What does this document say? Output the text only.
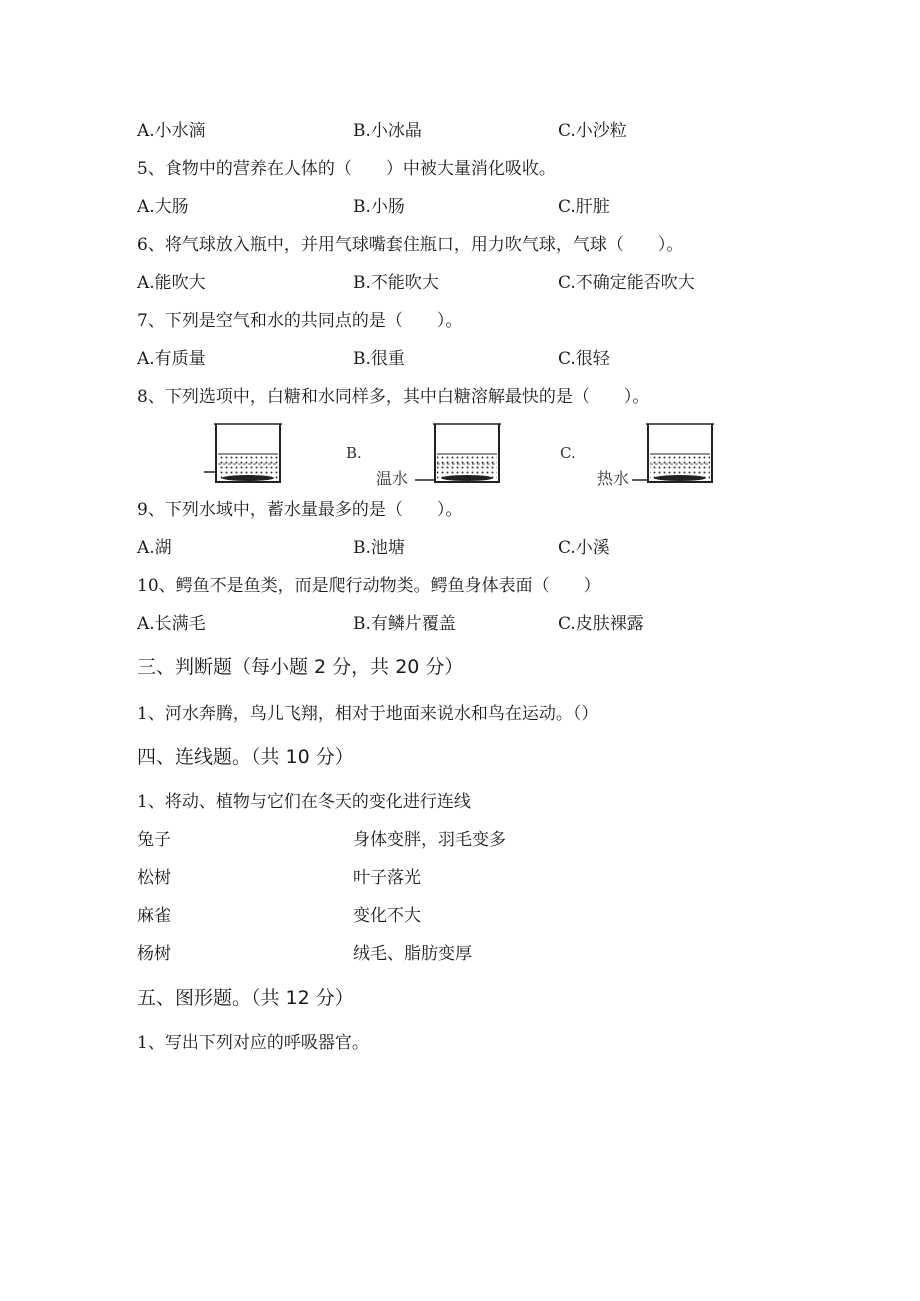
A.小水滴	B.小冰晶	C.小沙粒
5、食物中的营养在人体的（　　）中被大量消化吸收。
A.大肠	B.小肠	C.肝脏
6、将气球放入瓶中，并用气球嘴套住瓶口，用力吹气球，气球（　　）。
A.能吹大	B.不能吹大	C.不确定能否吹大
7、下列是空气和水的共同点的是（　　）。
A.有质量	B.很重	C.很轻
8、下列选项中，白糖和水同样多，其中白糖溶解最快的是（　　）。
B.
温水
C.
热水
9、下列水域中，蓄水量最多的是（　　）。
A.湖	B.池塘	C.小溪
10、鳄鱼不是鱼类，而是爬行动物类。鳄鱼身体表面（　　）
A.长满毛	B.有鳞片覆盖	C.皮肤裸露
三、判断题（每小题 2 分，共 20 分）
1、河水奔腾，鸟儿飞翔，相对于地面来说水和鸟在运动。（）
四、连线题。（共 10 分）
1、将动、植物与它们在冬天的变化进行连线
兔子	身体变胖，羽毛变多
松树	叶子落光
麻雀	变化不大
杨树	绒毛、脂肪变厚
五、图形题。（共 12 分）
1、写出下列对应的呼吸器官。
